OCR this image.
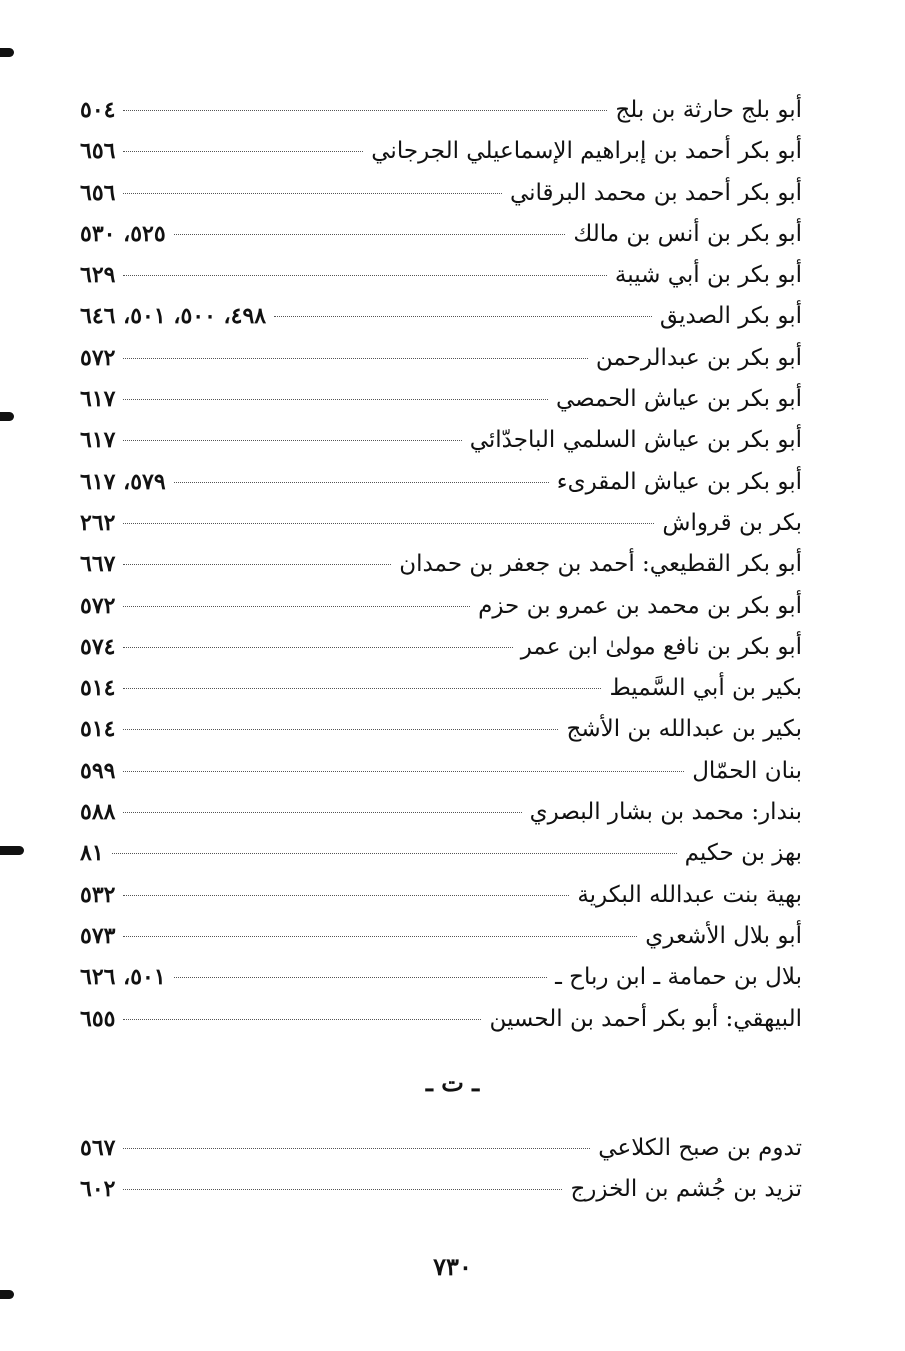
أبو بلج حارثة بن بلج
٥٠٤
أبو بكر أحمد بن إبراهيم الإسماعيلي الجرجاني
٦٥٦
أبو بكر أحمد بن محمد البرقاني
٦٥٦
أبو بكر بن أنس بن مالك
٥٢٥، ٥٣٠
أبو بكر بن أبي شيبة
٦٢٩
أبو بكر الصديق
٤٩٨، ٥٠٠، ٥٠١، ٦٤٦
أبو بكر بن عبدالرحمن
٥٧٢
أبو بكر بن عياش الحمصي
٦١٧
أبو بكر بن عياش السلمي الباجدّائي
٦١٧
أبو بكر بن عياش المقرىء
٥٧٩، ٦١٧
بكر بن قرواش
٢٦٢
أبو بكر القطيعي: أحمد بن جعفر بن حمدان
٦٦٧
أبو بكر بن محمد بن عمرو بن حزم
٥٧٢
أبو بكر بن نافع مولىٰ ابن عمر
٥٧٤
بكير بن أبي السَّميط
٥١٤
بكير بن عبدالله بن الأشج
٥١٤
بنان الحمّال
٥٩٩
بندار: محمد بن بشار البصري
٥٨٨
بهز بن حكيم
٨١
بهية بنت عبدالله البكرية
٥٣٢
أبو بلال الأشعري
٥٧٣
بلال بن حمامة ـ ابن رباح ـ
٥٠١، ٦٢٦
البيهقي: أبو بكر أحمد بن الحسين
٦٥٥
ـ ت ـ
تدوم بن صبح الكلاعي
٥٦٧
تزيد بن جُشم بن الخزرج
٦٠٢
٧٣٠
